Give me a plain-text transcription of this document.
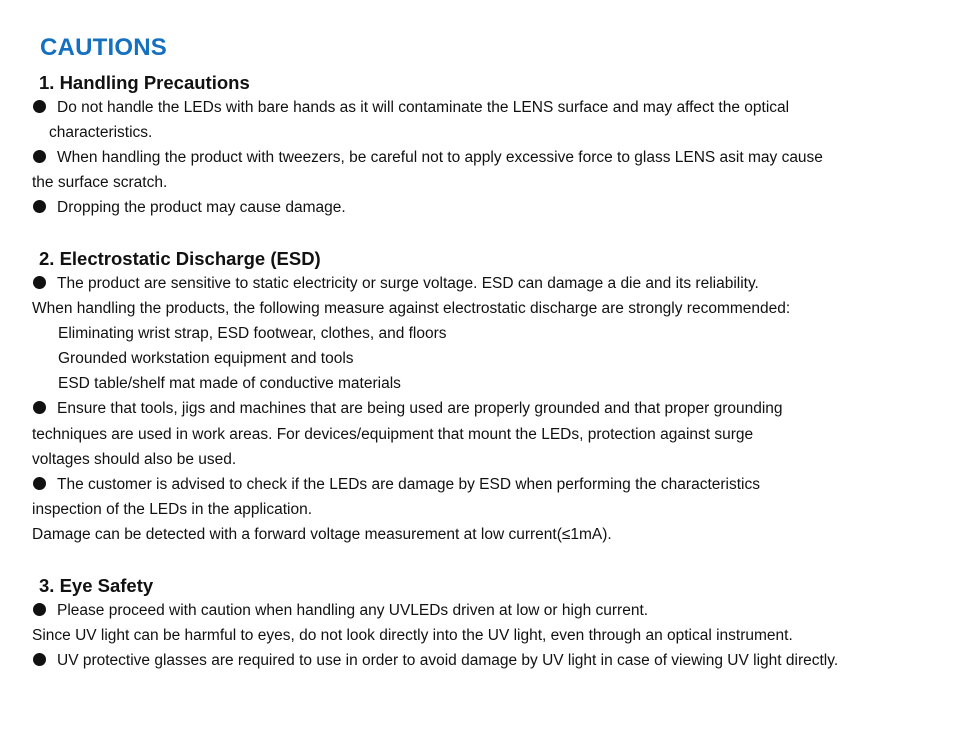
CAUTIONS
1. Handling Precautions
Do not handle the LEDs with bare hands as it will contaminate the LENS surface and may affect the optical
characteristics.
When handling the product with tweezers, be careful not to apply excessive force to glass LENS asit may cause
the surface scratch.
Dropping the product may cause damage.
2. Electrostatic Discharge (ESD)
The product are sensitive to static electricity or surge voltage. ESD can damage a die and its reliability.
When handling the products, the following measure against electrostatic discharge are strongly recommended:
Eliminating wrist strap, ESD footwear, clothes, and floors
Grounded workstation equipment and tools
ESD table/shelf mat made of conductive materials
Ensure that tools, jigs and machines that are being used are properly grounded and that proper grounding
techniques are used in work areas. For devices/equipment that mount the LEDs, protection against surge
voltages should also be used.
The customer is advised to check if the LEDs are damage by ESD when performing the characteristics
inspection of the LEDs in the application.
Damage can be detected with a forward voltage measurement at low current(≤1mA).
3. Eye Safety
Please proceed with caution when handling any UVLEDs driven at low or high current.
Since UV light can be harmful to eyes, do not look directly into the UV light, even through an optical instrument.
UV protective glasses are required to use in order to avoid damage by UV light in case of viewing UV light directly.
